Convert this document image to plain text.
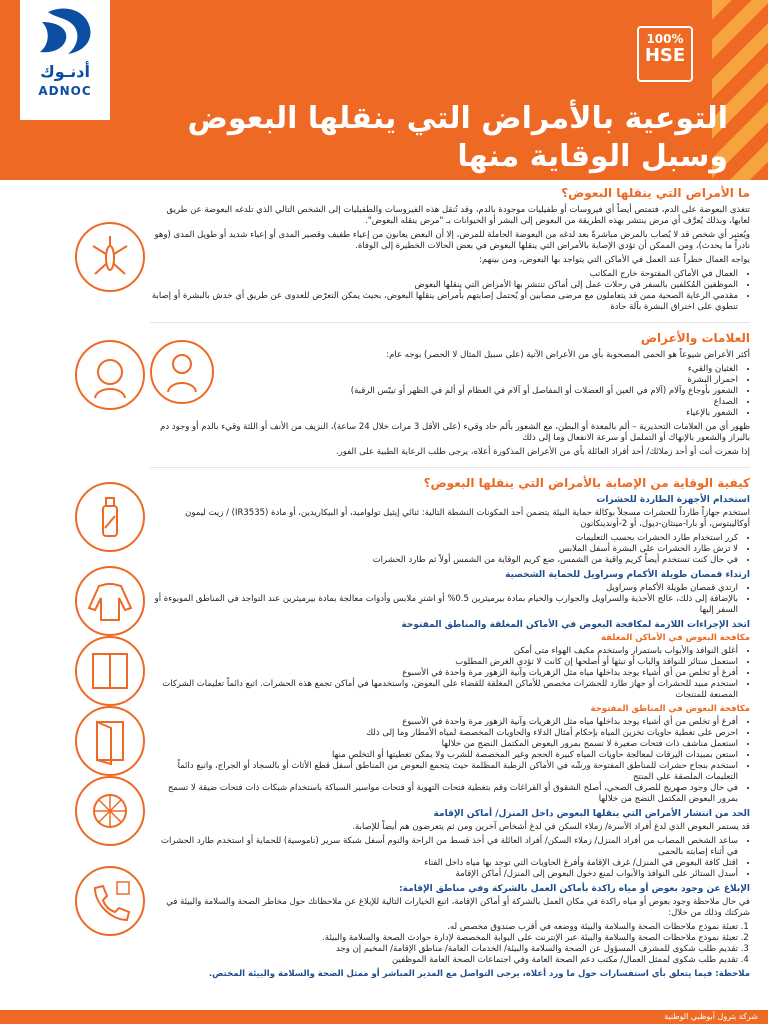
أدنـوك
ADNOC
100%
HSE
التوعية بالأمراض التي ينقلها البعوض وسبل الوقاية منها
ما الأمراض التي ينقلها البعوض؟

تتغذى البعوضة على الدم، فتمتص أيضاً أي فيروسات أو طفيليات موجودة بالدم، وقد تُنقل هذه الفيروسات والطفيليات إلى الشخص التالي الذي تلدغه البعوضة عن طريق لعابها، وبذلك يُعرَّف أي مرض ينتشر بهذه الطريقة من البعوض إلى البشر أو الحيوانات بـ "مرض ينقله البعوض".

ويُعتبر أي شخص قد لا يُصاب بالمرض مباشرةً بعد لدغه من البعوضة الحاملة للمرض، إلا أن البعض يعانون من إعياء طفيف وقصير المدى أو إعياء شديد أو طويل المدى (وهو نادراً ما يحدث)، ومن الممكن أن تؤدي الإصابة بالأمراض التي ينقلها البعوض في بعض الحالات الخطيرة إلى الوفاة.

يواجه العمال خطراً عند العمل في الأماكن التي يتواجد بها البعوض، ومن بينهم:

• العمال في الأماكن المفتوحة خارج المكاتب
• الموظفين المُكلفين بالسفر في رحلات عمل إلى أماكن تنتشر بها الأمراض التي ينقلها البعوض
• مقدمي الرعاية الصحية ممن قد يتعاملون مع مرضى مصابين أو يُحتمل إصابتهم بأمراض ينقلها البعوض، بحيث يمكن التعرّض للعدوى عن طريق أي خدش بالبشرة أو إصابة تنطوي على اختراق البشرة بآلة حادة
العلامات والأعراض

أكثر الأعراض شيوعاً هو الحمى المصحوبة بأي من الأعراض الآتية (على سبيل المثال لا الحصر) بوجه عام:

• الغثيان والقيء
• احمرار البشرة
• الشعور بأوجاع وآلام (آلام في العين أو العضلات أو المفاصل أو آلام في العظام أو ألم في الظهر أو تيبّس الرقبة)
• الصداع
• الشعور بالإعياء

ظهور أي من العلامات التحذيرية – ألم بالمعدة أو البطن، مع الشعور بألم حاد وقيء (على الأقل 3 مرات خلال 24 ساعة)، النزيف من الأنف أو اللثة وقيء بالدم أو وجود دم بالبراز والشعور بالإنهاك أو التململ أو سرعة الانفعال وما إلى ذلك

إذا شعرت أنت أو أحد زملائك/ أحد أفراد العائلة بأي من الأعراض المذكورة أعلاه، يرجى طلب الرعاية الطبية على الفور.

كيفية الوقاية من الإصابة بالأمراض التي ينقلها البعوض؟
استخدام الأجهزة الطاردة للحشرات

استخدم جهازاً طارداً للحشرات مسجلاً بوكالة حماية البيئة يتضمن أحد المكونات النشطة التالية: ثنائي إيثيل تولواميد، أو البيكاريدين، أو مادة (IR3535) / زيت ليمون أوكاليبتوس، أو بارا-مينثان-ديول، أو 2-أوندينكانون

• كرر استخدام طارد الحشرات بحسب التعليمات
• لا ترش طارد الحشرات على البشرة أسفل الملابس
• في حال كنت تستخدم أيضاً كريم واقية من الشمس، ضع كريم الوقاية من الشمس أولاً ثم طارد الحشرات
ارتداء قمصان طويلة الأكمام وسراويل للحماية الشخصية
• ارتدي قمصان طويلة الأكمام وسراويل
• بالإضافة إلى ذلك، عالج الأحذية والسراويل والجوارب والخيام بمادة بيرميثرين 0.5% أو اشترِ ملابس وأدوات معالجة بمادة بيرميثرين عند التواجد في المناطق الموبوءة أو السفر إليها
اتخذ الإجراءات اللازمة لمكافحة البعوض في الأماكن المغلقة والمناطق المفتوحة
مكافحة البعوض في الأماكن المغلقة
• أغلق النوافذ والأبواب باستمرار واستخدم مكيف الهواء متى أمكن
• استعمل ستائر للنوافذ والباب أو تبثها أو أصلحها إن كانت لا تؤدي الغرض المطلوب
• أفرغ أو تخلص من أي أشياء يوجد بداخلها مياه مثل الزهريات وآنية الزهور مرة واحدة في الأسبوع
• استخدم مبيد للحشرات أو جهاز طارد للحشرات مخصص للأماكن المغلقة للقضاء على البعوض، واستخدمها في أماكن تجمع هذه الحشرات. اتبع دائماً تعليمات الشركات المصنعة للمنتجات
مكافحة البعوض في المناطق المفتوحة
• أفرغ أو تخلص من أي أشياء يوجد بداخلها مياه مثل الزهريات وآنية الزهور مرة واحدة في الأسبوع
• احرص على تغطية حاويات تخزين المياه بإحكام أمثال الدلاء والحاويات المخصصة لمياه الأمطار وما إلى ذلك
• استعمل مناشف ذات فتحات صغيرة لا تسمح بمرور البعوض المكتمل النضج من خلالها
• استعن بمبيدات اليرقات لمعالجة حاويات المياه كبيرة الحجم وغير المخصصة للشرب ولا يمكن تغطيتها أو التخلص منها
• استخدم بنجاح حشرات للمناطق المفتوحة ورشّه في الأماكن الرطبة المظلمة حيث يتجمع البعوض من المناطق أسفل قطع الأثاث أو بالسجاد أو الجراج، واتبع دائماً التعليمات الملصقة على المنتج
• في حال وجود صهريج للصرف الصحي، أصلح الشقوق أو الفراغات وقم بتغطية فتحات التهوية أو فتحات مواسير السباكة باستخدام شبكات ذات فتحات ضيقة لا تسمح بمرور البعوض المكتمل النضج من خلالها
الحد من انتشار الأمراض التي ينقلها البعوض داخل المنزل/ أماكن الإقامة

قد يستمر البعوض الذي لدغ أفراد الأسرة/ زملاء السكن في لدغ أشخاص آخرين ومن ثم يتعرضون هم أيضاً للإصابة.

• ساعد الشخص المصاب من أفراد المنزل/ زملاء السكن/ أفراد العائلة في أخذ قسط من الراحة والنوم أسفل شبكة سرير (ناموسية) للحماية أو استخدم طارد الحشرات في أثناء إصابته بالحمى
• اقتل كافة البعوض في المنزل/ غرف الإقامة وأفرغ الحاويات التي توجد بها مياه داخل الفناء
• أسدل الستائر على النوافذ والأبواب لمنع دخول البعوض إلى المنزل/ أماكن الإقامة
الإبلاغ عن وجود بعوض أو مياه راكدة بأماكن العمل بالشركة وفي مناطق الإقامة:

في حال ملاحظة وجود بعوض أو مياه راكدة في مكان العمل بالشركة أو أماكن الإقامة، اتبع الخيارات التالية للإبلاغ عن ملاحظاتك حول مخاطر الصحة والسلامة والبيئة في شركتك وذلك من خلال:

1. تعبئة نموذج ملاحظات الصحة والسلامة والبيئة ووضعه في أقرب صندوق مخصص له.
2. تعبئة نموذج ملاحظات الصحة والسلامة والبيئة عبر الإنترنت على البوابة المخصصة لإدارة حوادث الصحة والسلامة والبيئة.
3. تقديم طلب شكوى للمشرف المسؤول عن الصحة والسلامة والبيئة/ الخدمات العامة/ مناطق الإقامة/ المخيم إن وجد
4. تقديم طلب شكوى لممثل العمال/ مكتب دعم الصحة العامة وفي اجتماعات الصحة العامة الموظفين

ملاحظة: فيما يتعلق بأي استفسارات حول ما ورد أعلاه، يرجى التواصل مع المدير المباشر أو ممثل الصحة والسلامة والبيئة المختص.

شركة بترول أبوظبي الوطنية
